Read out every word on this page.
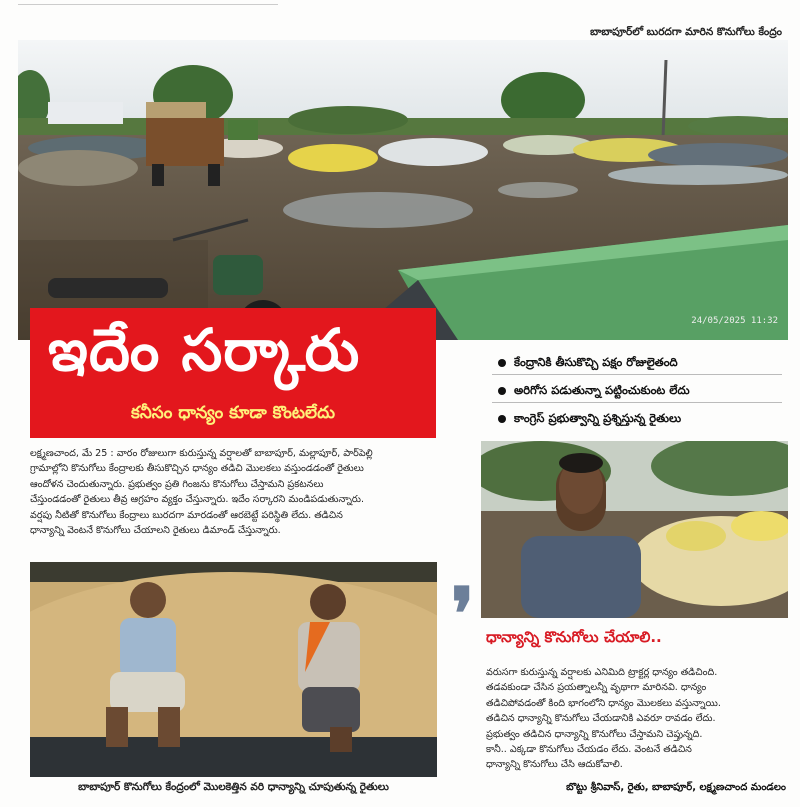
బాబాపూర్‌లో బురదగా మారిన కొనుగోలు కేంద్రం
24/05/2025 11:32
ఇదేం సర్కారు
కనీసం ధాన్యం కూడా కొంటలేదు
కేంద్రానికి తీసుకొచ్చి పక్షం రోజులైతంది
అరిగోస పడుతున్నా పట్టించుకుంట లేదు
కాంగ్రెస్ ప్రభుత్వాన్ని ప్రశ్నిస్తున్న రైతులు

లక్ష్మణచాంద, మే 25 : వారం రోజులుగా కురుస్తున్న వర్షాలతో బాబాపూర్, మల్లాపూర్, పార్‌పెల్లి

గ్రామాల్లోని కొనుగోలు కేంద్రాలకు తీసుకొచ్చిన ధాన్యం తడిచి మొలకలు వస్తుండడంతో రైతులు

ఆందోళన చెందుతున్నారు. ప్రభుత్వం ప్రతి గింజను కొనుగోలు చేస్తామని ప్రకటనలు

చేస్తుండడంతో రైతులు తీవ్ర ఆగ్రహం వ్యక్తం చేస్తున్నారు. ఇదేం సర్కారని మండిపడుతున్నారు.

వర్షపు నీటితో కొనుగోలు కేంద్రాలు బురదగా మారడంతో ఆరబెట్టే పరిస్థితి లేదు. తడిచిన

ధాన్యాన్ని వెంటనే కొనుగోలు చేయాలని రైతులు డిమాండ్ చేస్తున్నారు.

బాబాపూర్ కొనుగోలు కేంద్రంలో మొలకెత్తిన వరి ధాన్యాన్ని చూపుతున్న రైతులు
❜ ధాన్యాన్ని కొనుగోలు చేయాలి..

వరుసగా కురుస్తున్న వర్షాలకు ఎనిమిది ట్రాక్టర్ల ధాన్యం తడిచింది.

తడవకుండా చేసిన ప్రయత్నాలన్నీ వృథాగా మారినవి. ధాన్యం

తడిచిపోవడంతో కింది భాగంలోని ధాన్యం మొలకలు వస్తున్నాయి.

తడిచిన ధాన్యాన్ని కొనుగోలు చేయడానికి ఎవరూ రావడం లేదు.

ప్రభుత్వం తడిచిన ధాన్యాన్ని కొనుగోలు చేస్తామని చెప్తున్నది.

కానీ.. ఎక్కడా కొనుగోలు చేయడం లేదు. వెంటనే తడిచిన

ధాన్యాన్ని కొనుగోలు చేసి ఆదుకోవాలి.

బొట్టు శ్రీనివాస్, రైతు, బాబాపూర్, లక్ష్మణచాంద మండలం
